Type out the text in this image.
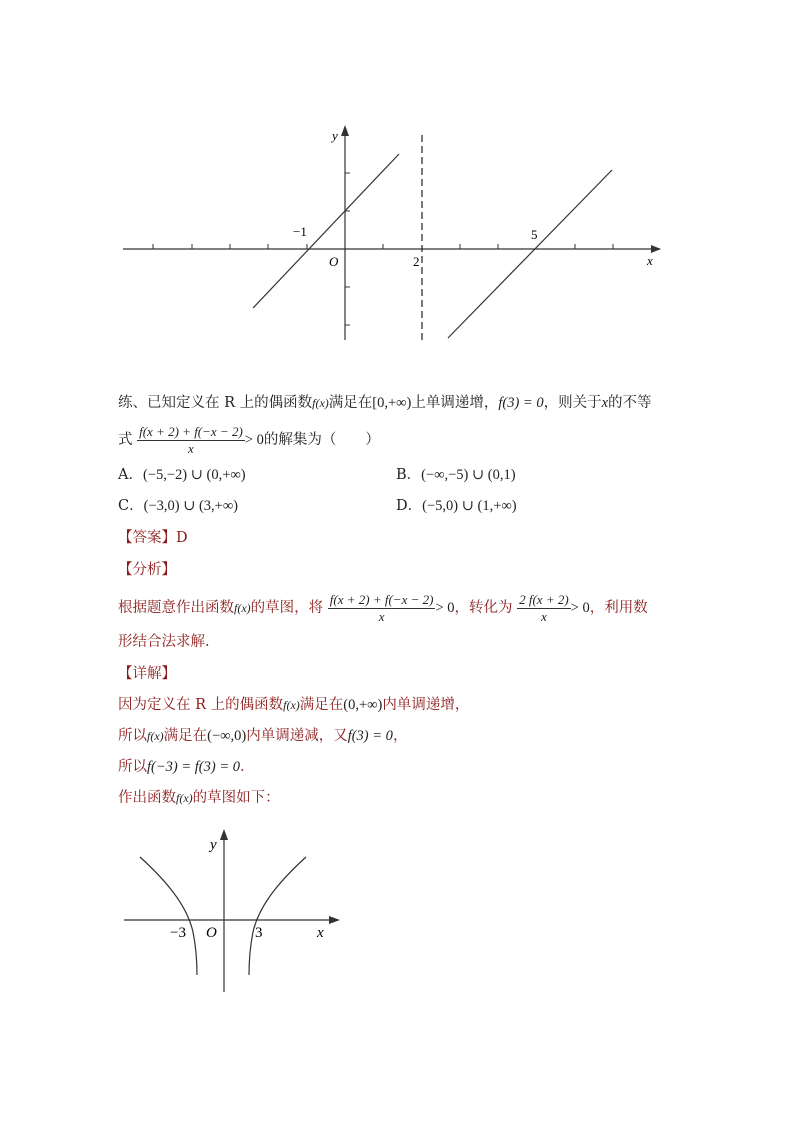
y
x
O
−1
2
5
练、已知定义在 R 上的偶函数f(x)满足在[0,+∞)上单调递增，f(3) = 0，则关于x的不等
式 $\frac{f(x + 2) + f(-x - 2)}{x} > 0$的解集为（　　）
A．(−5,−2) ∪ (0,+∞)	B．(−∞,−5) ∪ (0,1)
C．(−3,0) ∪ (3,+∞)	D．(−5,0) ∪ (1,+∞)
【答案】D
【分析】
根据题意作出函数f(x)的草图，将 $\frac{f(x + 2) + f(-x - 2)}{x} > 0$，转化为 $\frac{2 f(x + 2)}{x} > 0$，利用数
形结合法求解.
【详解】
因为定义在 R 上的偶函数f(x)满足在(0,+∞)内单调递增，
所以f(x)满足在(−∞,0)内单调递减，又f(3) = 0，
所以f(−3) = f(3) = 0．
作出函数f(x)的草图如下：
y
x
O
−3	3
